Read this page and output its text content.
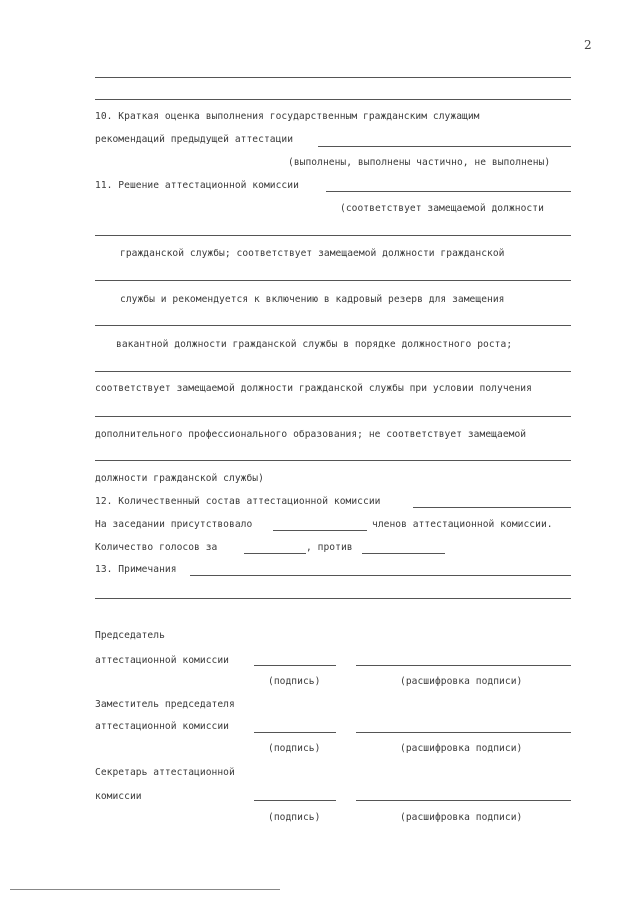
2
10. Краткая оценка выполнения государственным гражданским служащим
рекомендаций предыдущей аттестации
(выполнены, выполнены частично, не выполнены)
11. Решение аттестационной комиссии
(соответствует замещаемой должности
гражданской службы; соответствует замещаемой должности гражданской
службы и рекомендуется к включению в кадровый резерв для замещения
вакантной должности гражданской службы в порядке должностного роста;
соответствует замещаемой должности гражданской службы при условии получения
дополнительного профессионального образования; не соответствует замещаемой
должности гражданской службы)
12. Количественный состав аттестационной комиссии
На заседании присутствовало	членов аттестационной комиссии.
Количество голосов за	, против
13. Примечания
Председатель
аттестационной комиссии
(подпись)	(расшифровка подписи)
Заместитель председателя
аттестационной комиссии
(подпись)	(расшифровка подписи)
Секретарь аттестационной
комиссии
(подпись)	(расшифровка подписи)
